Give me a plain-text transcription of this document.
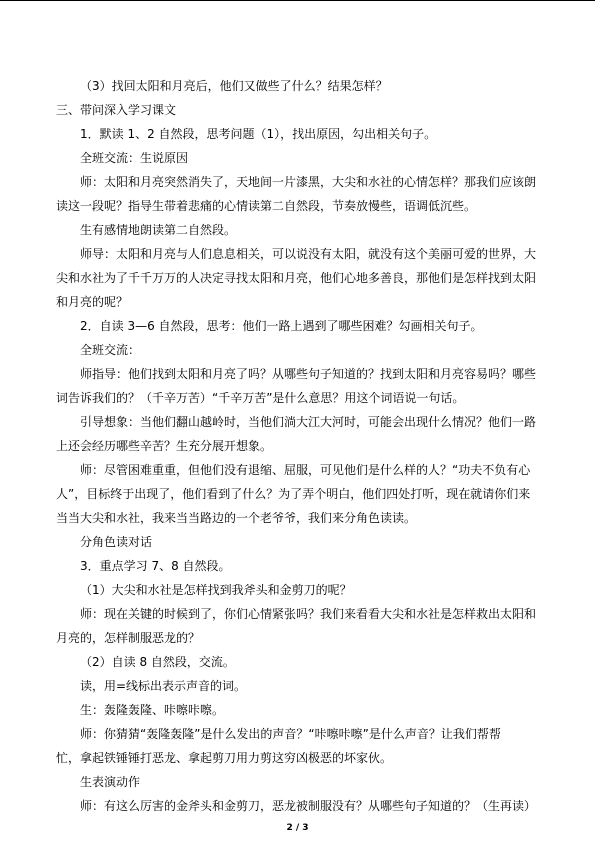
（3）找回太阳和月亮后，他们又做些了什么？结果怎样？
三、带问深入学习课文
1．默读 1、2 自然段，思考问题（1），找出原因，勾出相关句子。
全班交流：生说原因
师：太阳和月亮突然消失了，天地间一片漆黑，大尖和水社的心情怎样？那我们应该朗
读这一段呢？指导生带着悲痛的心情读第二自然段，节奏放慢些，语调低沉些。
生有感情地朗读第二自然段。
师导：太阳和月亮与人们息息相关，可以说没有太阳，就没有这个美丽可爱的世界，大
尖和水社为了千千万万的人决定寻找太阳和月亮，他们心地多善良，那他们是怎样找到太阳
和月亮的呢？
2．自读 3—6 自然段，思考：他们一路上遇到了哪些困难？勾画相关句子。
全班交流：
师指导：他们找到太阳和月亮了吗？从哪些句子知道的？找到太阳和月亮容易吗？哪些
词告诉我们的？（千辛万苦）“千辛万苦”是什么意思？用这个词语说一句话。
引导想象：当他们翻山越岭时，当他们淌大江大河时，可能会出现什么情况？他们一路
上还会经历哪些辛苦？生充分展开想象。
师：尽管困难重重，但他们没有退缩、屈服，可见他们是什么样的人？“功夫不负有心
人”，目标终于出现了，他们看到了什么？为了弄个明白，他们四处打听，现在就请你们来
当当大尖和水社，我来当当路边的一个老爷爷，我们来分角色读读。
分角色读对话
3．重点学习 7、8 自然段。
（1）大尖和水社是怎样找到我斧头和金剪刀的呢？
师：现在关键的时候到了，你们心情紧张吗？我们来看看大尖和水社是怎样救出太阳和
月亮的，怎样制服恶龙的？
（2）自读 8 自然段，交流。
读，用=线标出表示声音的词。
生：轰隆轰隆、咔嚓咔嚓。
师：你猜猜“轰隆轰隆”是什么发出的声音？“咔嚓咔嚓”是什么声音？让我们帮帮
忙，拿起铁锤锤打恶龙、拿起剪刀用力剪这穷凶极恶的坏家伙。
生表演动作
师：有这么厉害的金斧头和金剪刀，恶龙被制服没有？从哪些句子知道的？（生再读）
2 / 3
